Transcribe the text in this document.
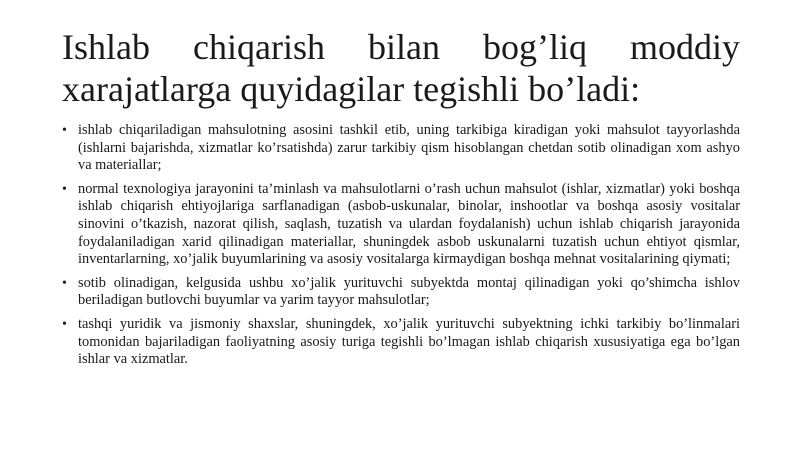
Ishlab chiqarish bilan bog’liq moddiy xarajatlarga quyidagilar tegishli bo’ladi:
• ishlab chiqariladigan mahsulotning asosini tashkil etib, uning tarkibiga kiradigan yoki mahsulot tayyorlashda (ishlarni bajarishda, xizmatlar ko’rsatishda) zarur tarkibiy qism hisoblangan chetdan sotib olinadigan xom ashyo va materiallar;
• normal texnologiya jarayonini ta’minlash va mahsulotlarni o’rash uchun mahsulot (ishlar, xizmatlar) yoki boshqa ishlab chiqarish ehtiyojlariga sarflanadigan (asbob-uskunalar, binolar, inshootlar va boshqa asosiy vositalar sinovini o’tkazish, nazorat qilish, saqlash, tuzatish va ulardan foydalanish) uchun ishlab chiqarish jarayonida foydalaniladigan xarid qilinadigan materiallar, shuningdek asbob uskunalarni tuzatish uchun ehtiyot qismlar, inventarlarning, xo’jalik buyumlarining va asosiy vositalarga kirmaydigan boshqa mehnat vositalarining qiymati;
• sotib olinadigan, kelgusida ushbu xo’jalik yurituvchi subyektda montaj qilinadigan yoki qo’shimcha ishlov beriladigan butlovchi buyumlar va yarim tayyor mahsulotlar;
• tashqi yuridik va jismoniy shaxslar, shuningdek, xo’jalik yurituvchi subyektning ichki tarkibiy bo’linmalari tomonidan bajariladigan faoliyatning asosiy turiga tegishli bo’lmagan ishlab chiqarish xususiyatiga ega bo’lgan ishlar va xizmatlar.
